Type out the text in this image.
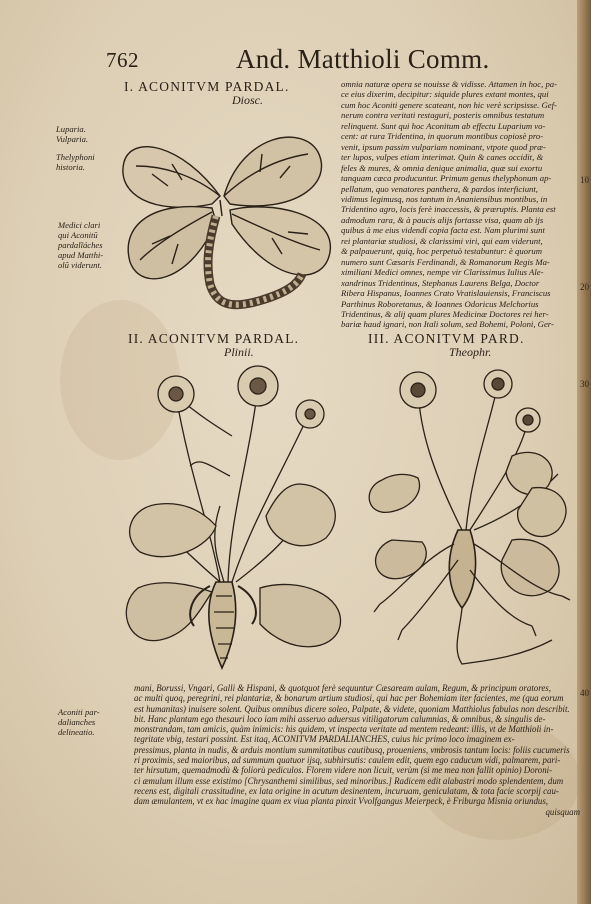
762	And. Matthioli Comm.
I. ACONITVM PARDAL.
Diosc.
II. ACONITVM PARDAL.
Plinii.
III. ACONITVM PARD.
Theophr.
Luparia.
Vulparia.
Thelyphoni
historia.
Medici clari
qui Aconitũ
pardalĩáches
apud Matthi-
olũ viderunt.
Aconiti par-
dalianches
delineatio.
10
20
30
40
omnia naturæ opera se nouisse & vidisse. Attamen in hoc, pa-
ce eius dixerim, decipitur: siquide plures extant montes, qui
cum hoc Aconiti genere scateant, non hic verè scripsisse. Gef-
nerum contra veritati restaguri, posteris omnibus testatum
relinquent. Sunt qui hoc Aconitum ab effectu Luparium vo-
cent: at rura Tridentina, in quorum montibus copiosè pro-
venit, ipsum passim vulpariam nominant, vtpote quod præ-
ter lupos, vulpes etiam interimat. Quin & canes occidit, &
feles & mures, & omnia denique animalia, quæ sui exortu
tanquam cæca producuntur. Primum genus thelyphonum ap-
pellatum, quo venatores panthera, & pardos interficiunt,
vidimus legimusq, nos tantum in Ananiensibus montibus, in
Tridentino agro, locis ferè inaccessis, & præruptis. Planta est
admodum rara, & à paucis alijs fortasse visa, quam ab ijs
quibus à me eius videndi copia facta est. Nam plurimi sunt
rei plantariæ studiosi, & clarissimi viri, qui eam viderunt,
& palpauerunt, quiq, hoc perpetuò testabuntur: è quorum
numero sunt Cæsaris Ferdinandi, & Romanorum Regis Ma-
ximiliani Medici omnes, nempe vir Clarissimus Iulius Ale-
xandrinus Tridentinus, Stephanus Laurens Belga, Doctor
Ribera Hispanus, Ioannes Crato Vratislauiensis, Franciscus
Parthinus Roboretanus, & Ioannes Odoricus Melchorius
Tridentinus, & alij quam plures Medicinæ Doctores rei her-
bariæ haud ignari, non Itali solum, sed Bohemi, Poloni, Ger-
mani, Borussi, Vngari, Galli & Hispani, & quotquot ferè sequuntur Cæsaream aulam, Regum, & principum oratores,
ac multi quoq, peregrini, rei plantariæ, & bonarum artium studiosi, qui hac per Bohemiam iter facientes, me (qua eorum
est humanitas) inuisere solent. Quibus omnibus dicere soleo, Palpate, & videte, quoniam Matthiolus fabulas non describit.
bit. Hanc plantam ego thesauri loco iam mihi asseruo aduersus vitiligatorum calumnias, & omnibus, & singulis de-
monstrandam, tam amicis, quàm inimicis: his quidem, vt inspecta veritate ad mentem redeant: illis, vt de Matthioli in-
tegritate vbig, testari possint. Est itaq, ACONITVM PARDALIANCHES, cuius hic primo loco imaginem ex-
pressimus, planta in nudis, & arduis montium summitatibus cautibusq, proueniens, vmbrosis tantum locis: foliis cucumeris
ri proximis, sed maioribus, ad summum quatuor ijsq, subhirsutis: caulem edit, quem ego caducum vidi, palmarem, pari-
ter hirsutum, quemadmodù & foliorù pediculos. Florem videre non licuit, verùm (si me mea non fallit opinio) Doroni-
ci æmulum illum esse existimo [Chrysanthemi similibus, sed minoribus.] Radicem edit alabastri modo splendentem, dum
recens est, digitali crassitudine, ex lata origine in acutum desinentem, incuruam, geniculatam, & tota facie scorpij cau-
dam æmulantem, vt ex hac imagine quam ex viua planta pinxit Vvolfgangus Meierpeck, è Friburga Misnia oriundus,
quisquam
